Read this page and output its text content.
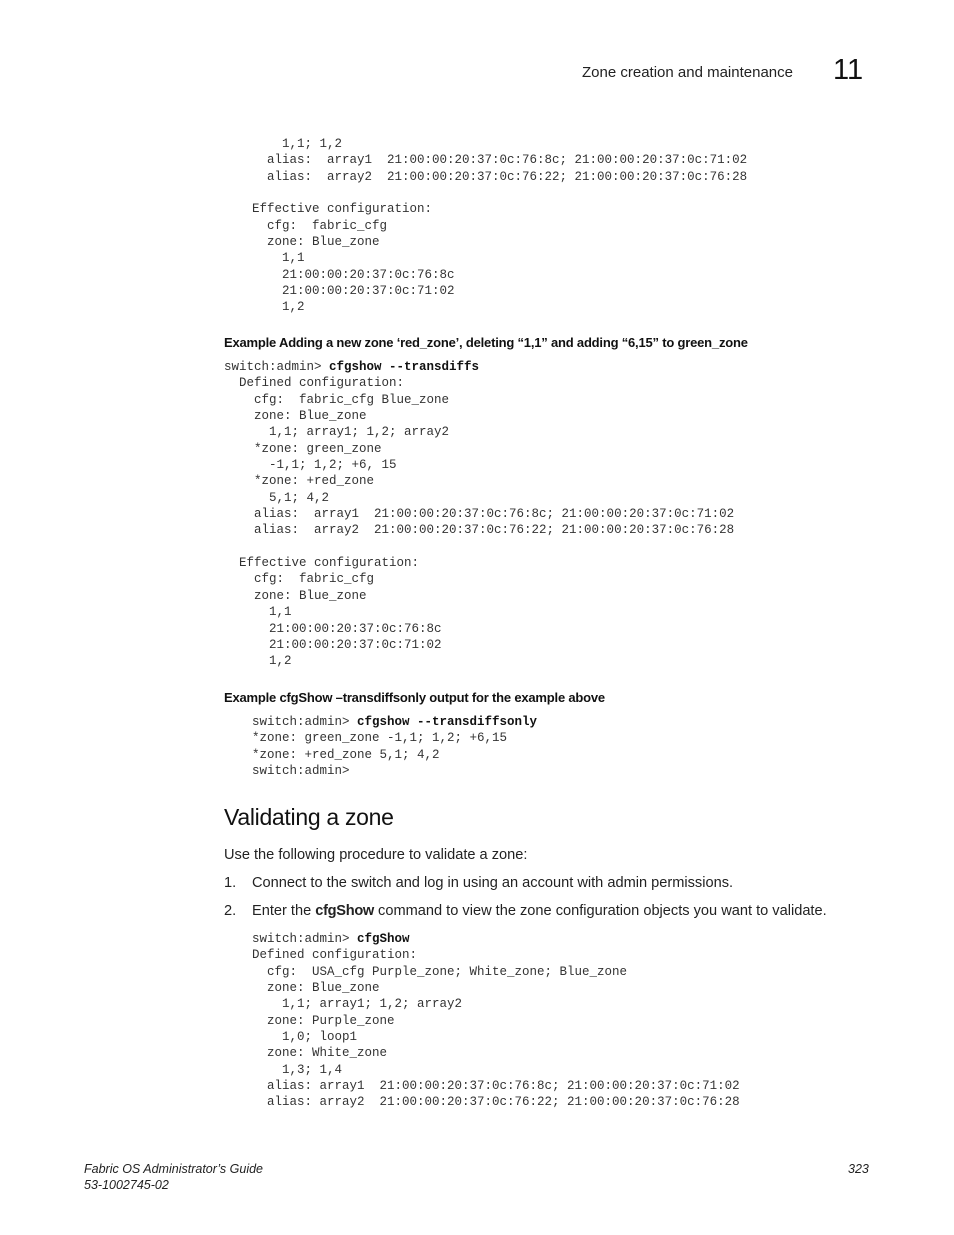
Zone creation and maintenance 11
1,1; 1,2
alias:  array1  21:00:00:20:37:0c:76:8c; 21:00:00:20:37:0c:71:02
alias:  array2  21:00:00:20:37:0c:76:22; 21:00:00:20:37:0c:76:28

Effective configuration:
cfg:  fabric_cfg
zone: Blue_zone
1,1
21:00:00:20:37:0c:76:8c
21:00:00:20:37:0c:71:02
1,2
Example Adding a new zone ‘red_zone’, deleting “1,1” and adding “6,15” to green_zone
switch:admin> cfgshow --transdiffs
Defined configuration:
cfg:  fabric_cfg Blue_zone
zone: Blue_zone
1,1; array1; 1,2; array2
*zone: green_zone
-1,1; 1,2; +6, 15
*zone: +red_zone
5,1; 4,2
alias:  array1  21:00:00:20:37:0c:76:8c; 21:00:00:20:37:0c:71:02
alias:  array2  21:00:00:20:37:0c:76:22; 21:00:00:20:37:0c:76:28

Effective configuration:
cfg:  fabric_cfg
zone: Blue_zone
1,1
21:00:00:20:37:0c:76:8c
21:00:00:20:37:0c:71:02
1,2
Example cfgShow –transdiffsonly output for the example above
switch:admin> cfgshow --transdiffsonly
*zone: green_zone -1,1; 1,2; +6,15
*zone: +red_zone 5,1; 4,2
switch:admin>
Validating a zone
Use the following procedure to validate a zone:
1. Connect to the switch and log in using an account with admin permissions.
2. Enter the cfgShow command to view the zone configuration objects you want to validate.
switch:admin> cfgShow
Defined configuration:
cfg:  USA_cfg Purple_zone; White_zone; Blue_zone
zone: Blue_zone
1,1; array1; 1,2; array2
zone: Purple_zone
1,0; loop1
zone: White_zone
1,3; 1,4
alias: array1  21:00:00:20:37:0c:76:8c; 21:00:00:20:37:0c:71:02
alias: array2  21:00:00:20:37:0c:76:22; 21:00:00:20:37:0c:76:28
Fabric OS Administrator’s Guide
53-1002745-02
323
